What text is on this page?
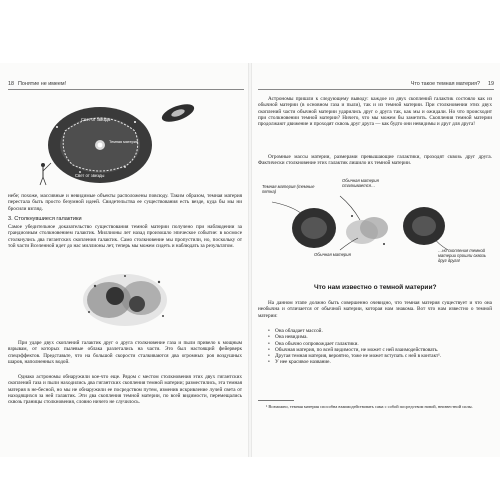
18 Понятие не имеем!
Свет от звезды
Темная материя
Свет от звезды

небе; похоже, массивные и невидимые объекты расположены повсюду. Таким образом, темная материя перестала быть просто безумной идеей. Свидетельства ее существования есть везде, куда бы мы ни бросили взгляд.

3. Столкнувшиеся галактики

Самое убедительное доказательство существования темной материи получено при наблюдении за грандиозным столкновением галактик. Миллионы лет назад произошло эпическое событие: в космосе столкнулись два гигантских скопления галактик. Само столкновение мы пропустили, но, поскольку от той части Вселенной идет до нас миллионы лет, теперь мы можем сидеть и наблюдать за результатом.

При ударе двух скоплений галактик друг о друга столкновение газа и пыли привело к мощным взрывам, от которых пылевые облака разлетались на части. Это был настоящий фейерверк спецэффектов. Представьте, что на большой скорости сталкиваются два огромных роя воздушных шаров, наполненных водой.

Однако астрономы обнаружили кое-что еще. Рядом с местом столкновения этих двух гигантских скоплений газа и пыли находились два гигантских скопления темной материи; разместились, эта темная материя в не-бесной, но мы не обнаружили ее посредством путем, изменив искривление лучей света от находящихся за ней галактик. Эти два скопления темной материи, по всей видимости, перемещались сквозь границы столкновения, словно ничего не случилось.

Что такое темная материя? 19

Астрономы пришли к следующему выводу: каждое из двух скоплений галактик состояло как из обычной материи (в основном газа и пыли), так и из темной материи. При столкновении этих двух скоплений части обычной материи ударились друг о друга так, как мы и ожидали. Но что происходит при столкновении темной материи? Ничего, что мы можем бы заметить. Скопления темной материи продолжают движение и проходят сквозь друг друга — как будто они невидимы и друг для друга!

Огромные массы материи, размерами превышающие галактики, проходят сквозь друг друга. Фактически столкновение этих галактик лишило их темной материи.

Темная материя (темные пятна)
Обычная материя сталкивается…
Обычная материя
…но скопления темной материи прошли сквозь друг друга!
Что нам известно о темной материи?

На данном этапе должно быть совершенно очевидно, что темная материя существует и что она необычна и отличается от обычной материи, которая нам знакома. Вот что нам известно о темной материи:

• Она обладает массой.
• Она невидима.
• Она обычно сопровождает галактики.
• Обычная материя, по всей видимости, не может с ней взаимодействовать.
• Другая темная материя, вероятно, тоже не может вступать с ней в контакт¹.
• У нее красивое название.

¹ Возможно, темная материя способна взаимодействовать сама с собой посредством новой, неизвестной силы.
